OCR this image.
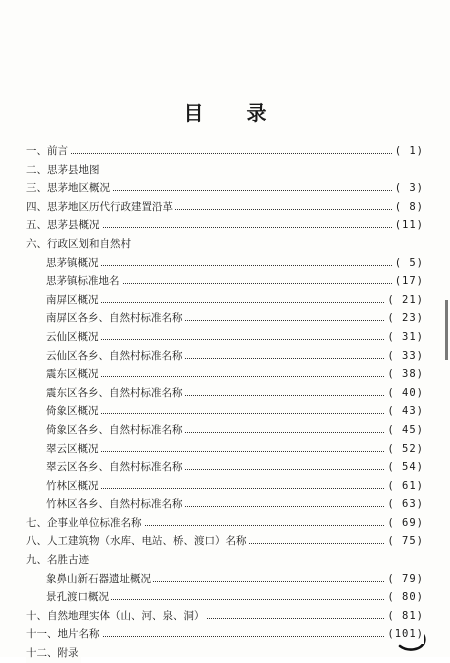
目 录
一、前言	( 1)
二、思茅县地图
三、思茅地区概况	( 3)
四、思茅地区历代行政建置沿革	( 8)
五、思茅县概况	(11)
六、行政区划和自然村
思茅镇概况	( 5)
思茅镇标准地名	(17)
南屏区概况	( 21)
南屏区各乡、自然村标准名称	( 23)
云仙区概况	( 31)
云仙区各乡、自然村标准名称	( 33)
震东区概况	( 38)
震东区各乡、自然村标准名称	( 40)
倚象区概况	( 43)
倚象区各乡、自然村标准名称	( 45)
翠云区概况	( 52)
翠云区各乡、自然村标准名称	( 54)
竹林区概况	( 61)
竹林区各乡、自然村标准名称	( 63)
七、企事业单位标准名称	( 69)
八、人工建筑物（水库、电站、桥、渡口）名称	( 75)
九、名胜古迹
象鼻山新石器遗址概况	( 79)
景孔渡口概况	( 80)
十、自然地理实体（山、河、泉、洞）	( 81)
十一、地片名称	(101)
十二、附录
